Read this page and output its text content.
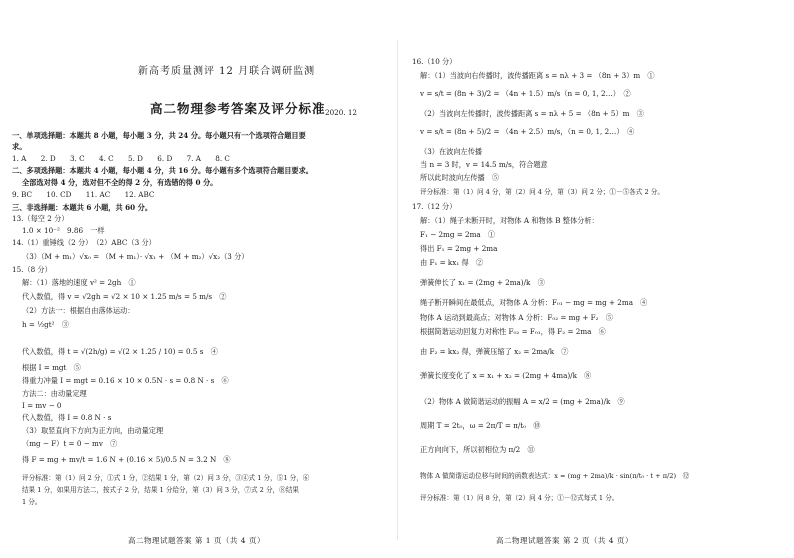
新高考质量测评 12 月联合调研监测
高二物理参考答案及评分标准 2020. 12
一、单项选择题：本题共 8 小题，每小题 3 分，共 24 分。每小题只有一个选项符合题目要
求。
1. A　　2. D　　3. C　　4. C　　5. D　　6. D　　7. A　　8. C
二、多项选择题：本题共 4 小题，每小题 4 分，共 16 分。每小题有多个选项符合题目要求。
全部选对得 4 分，选对但不全的得 2 分，有选错的得 0 分。
9. BC　　10. CD　　11. AC　　12. ABC
三、非选择题：本题共 6 小题，共 60 分。
13.（每空 2 分）
1.0 × 10⁻²　9.86　一样
14.（1）重锤线（2 分）　（2）ABC（3 分）
（3）（M + m₁）√x₀ = （M + m₁）· √x₁ + （M + m₂）√x₂（3 分）
15.（8 分）
解：（1）落地的速度 v² = 2gh　①
代入数值，得 v = √2gh = √2 × 10 × 1.25 m/s = 5 m/s　②
（2）方法一：根据自由落体运动：
h = ½gt²　③
代入数值，得 t = √(2h/g) = √(2 × 1.25 / 10) = 0.5 s　④
根据 I = mgt　⑤
得重力冲量 I = mgt = 0.16 × 10 × 0.5N · s = 0.8 N · s　⑥
方法二：由动量定理
I = mv − 0
代入数值，得 I = 0.8 N · s
（3）取竖直向下方向为正方向，由动量定理
（mg − F）t = 0 − mv　⑦
得 F = mg + mv/t = 1.6 N + (0.16 × 5)/0.5 N = 3.2 N　⑧
评分标准：第（1）问 2 分，①式 1 分，②结果 1 分，第（2）问 3 分，③④式 1 分，⑤1 分，⑥
结果 1 分，如果用方法二，按式子 2 分，结果 1 分给分，第（3）问 3 分，⑦式 2 分，⑧结果
1 分。
高二物理试题答案 第 1 页（共 4 页）
16.（10 分）
解：（1）当波向右传播时，波传播距离 s = nλ + 3 = （8n + 3）m　①
v = s/t = (8n + 3)/2 = （4n + 1.5）m/s（n = 0, 1, 2…）　②
（2）当波向左传播时，波传播距离 s = nλ + 5 = （8n + 5）m　③
v = s/t = (8n + 5)/2 = （4n + 2.5）m/s，（n = 0, 1, 2…）　④
（3）在波向左传播
当 n = 3 时，v = 14.5 m/s，符合题意
所以此时波向左传播　⑤
评分标准：第（1）问 4 分，第（2）问 4 分，第（3）问 2 分；①－⑤各式 2 分。
17.（12 分）
解：（1）绳子未断开时，对物体 A 和物体 B 整体分析：
F₁ − 2mg = 2ma　①
得出 F₁ = 2mg + 2ma
由 F₁ = kx₁ 得　②
弹簧伸长了 x₁ = (2mg + 2ma)/k　③
绳子断开瞬间在最低点，对物体 A 分析：F₀₁ − mg = mg + 2ma　④
物体 A 运动到最高点；对物体 A 分析：F₀₂ = mg + F₂　⑤
根据简谐运动回复力对称性 F₀₂ = F₀₁，得 F₂ = 2ma　⑥
由 F₂ = kx₂ 得，弹簧压缩了 x₂ = 2ma/k　⑦
弹簧长度变化了 x = x₁ + x₂ = (2mg + 4ma)/k　⑧
（2）物体 A 做简谐运动的振幅 A = x/2 = (mg + 2ma)/k　⑨
周期 T = 2t₀，ω = 2π/T = π/t₀　⑩
正方向向下，所以初相位为 π/2　⑪
物体 A 做简谐运动位移与时间的函数表达式：x = (mg + 2ma)/k · sin(π/t₀ · t + π/2)　⑫
评分标准：第（1）问 8 分，第（2）问 4 分；①－⑫式每式 1 分。
高二物理试题答案 第 2 页（共 4 页）
